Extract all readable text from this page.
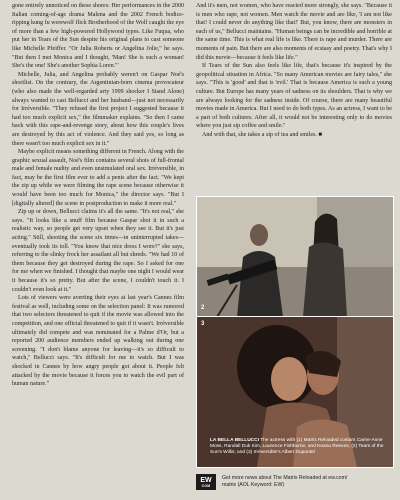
gone entirely unnoticed on these shores: Her performances in the 2000 Italian coming-of-age drama Malena and the 2002 French bodice-ripping kung fu werewolf flick Brotherhood of the Wolf caught the eye of more than a few high-powered Hollywood types. Like Fuqua, who put her in Tears of the Sun despite his original plans to cast someone like Michelle Pfeiffer. "Or Julia Roberts or Angelina Jolie," he says. "But then I met Monica and I thought, 'Man! She is such a woman! She's the one! She's another Sophia Loren.'"

Michelle, Julia, and Angelina probably weren't on Gaspar Noé's shortlist. On the contrary, the Argentinian-born cinema provocateur (who also made the well-regarded arty 1999 shocker I Stand Alone) always wanted to cast Bellucci and her husband—just not necessarily for Irréversible. "They refused the first project I suggested because it had too much explicit sex," the filmmaker explains. "So then I came back with this rape-and-revenge story, about how this couple's lives are destroyed by this act of violence. And they said yes, so long as there wasn't too much explicit sex in it."

Maybe explicit means something different in French. Along with the graphic sexual assault, Noé's film contains several shots of full-frontal male and female nudity and even unsimulated oral sex. Irréversible, in fact, may be the first film ever to add a penis after the fact. "We kept the zip up while we were filming the rape scene because otherwise it would have been too much for Monica," the director says. "But I [digitally altered] the scene in postproduction to make it more real."

Zip up or down, Bellucci claims it's all the same. "It's not real," she says. "It looks like a snuff film because Gaspar shot it in such a realistic way, so people get very upset when they see it. But it's just acting." Still, shooting the scene six times—in uninterrupted takes—eventually took its toll. "You know that nice dress I wore?" she says, referring to the slinky frock her assailant all but shreds. "We had 10 of them because they get destroyed during the rape. So I asked for one for me when we finished. I thought that maybe one night I would wear it because it's so pretty. But after the scene, I couldn't touch it. I couldn't even look at it."

Lots of viewers were averting their eyes at last year's Cannes film festival as well, including some on the selection panel: It was rumored that two selectors threatened to quit if the movie was allowed into the competition, and one official threatened to quit if it wasn't. Irréversible ultimately did compete and was nominated for a Palme d'Or, but a reported 200 audience members ended up walking out during one screening. "I don't blame anyone for leaving—it's so difficult to watch," Bellucci says. "It's difficult for me to watch. But I was shocked in Cannes by how angry people got about it. People felt attacked by the movie because it forces you to watch the evil part of human nature."

And it's men, not women, who have reacted more strongly, she says. "Because it is men who rape, not women. Men watch the movie and are like, 'I am not like that! I could never do anything like that!' But, you know, there are monsters in each of us," Bellucci maintains. "Human beings can be incredible and horrible at the same time. This is what real life is like. There is rape and murder. There are moments of pain. But there are also moments of ecstasy and poetry. That's why I did this movie—because it feels like life."

If Tears of the Sun also feels like life, that's because it's inspired by the geopolitical situation in Africa. "So many American movies are fairy tales," she says. "This is 'good' and that is 'evil.' That is because America is such a young culture. But Europe has many years of sadness on its shoulders. That is why we are always looking for the sadness inside. Of course, there are many beautiful movies made in America. But I need to do both types. As an actress, I want to be a part of both cultures. After all, it would not be interesting only to do movies where you just sip coffee and smile."

And with that, she takes a sip of tea and smiles. ■

2
3
LA BELLA BELLUCCI The actress with (1) Matrix Reloaded costars Carrie-Anne Moss, Randall Duk Kim, Laurence Fishburne, and Keanu Reeves; (2) Tears of the Sun's Willis; and (3) Irréversible's Albert Dupontel
EW
COM
Get more news about The Matrix Reloaded at ew.com/
matrix (AOL Keyword: EW)
